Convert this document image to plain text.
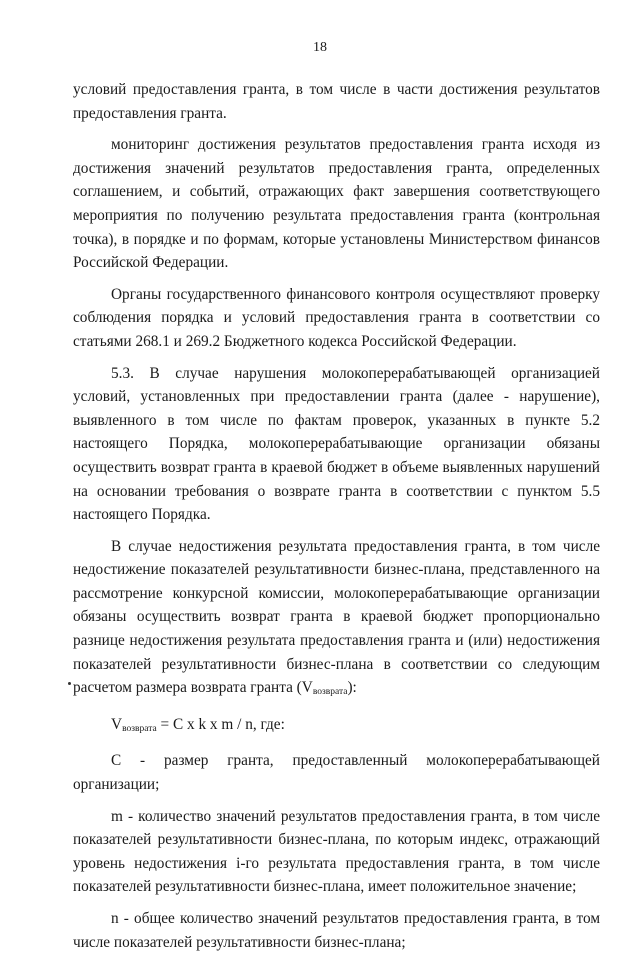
18

условий предоставления гранта, в том числе в части достижения результатов предоставления гранта.

мониторинг достижения результатов предоставления гранта исходя из достижения значений результатов предоставления гранта, определенных соглашением, и событий, отражающих факт завершения соответствующего мероприятия по получению результата предоставления гранта (контрольная точка), в порядке и по формам, которые установлены Министерством финансов Российской Федерации.

Органы государственного финансового контроля осуществляют проверку соблюдения порядка и условий предоставления гранта в соответствии со статьями 268.1 и 269.2 Бюджетного кодекса Российской Федерации.

5.3. В случае нарушения молокоперерабатывающей организацией условий, установленных при предоставлении гранта (далее - нарушение), выявленного в том числе по фактам проверок, указанных в пункте 5.2 настоящего Порядка, молокоперерабатывающие организации обязаны осуществить возврат гранта в краевой бюджет в объеме выявленных нарушений на основании требования о возврате гранта в соответствии с пунктом 5.5 настоящего Порядка.

В случае недостижения результата предоставления гранта, в том числе недостижение показателей результативности бизнес-плана, представленного на рассмотрение конкурсной комиссии, молокоперерабатывающие организации обязаны осуществить возврат гранта в краевой бюджет пропорционально разнице недостижения результата предоставления гранта и (или) недостижения показателей результативности бизнес-плана в соответствии со следующим расчетом размера возврата гранта $(V_{возврата})$:

$V_{возврата} = C$ x k x m / n, где:

C - размер гранта, предоставленный молокоперерабатывающей организации;

m - количество значений результатов предоставления гранта, в том числе показателей результативности бизнес-плана, по которым индекс, отражающий уровень недостижения i-го результата предоставления гранта, в том числе показателей результативности бизнес-плана, имеет положительное значение;

n - общее количество значений результатов предоставления гранта, в том числе показателей результативности бизнес-плана;
